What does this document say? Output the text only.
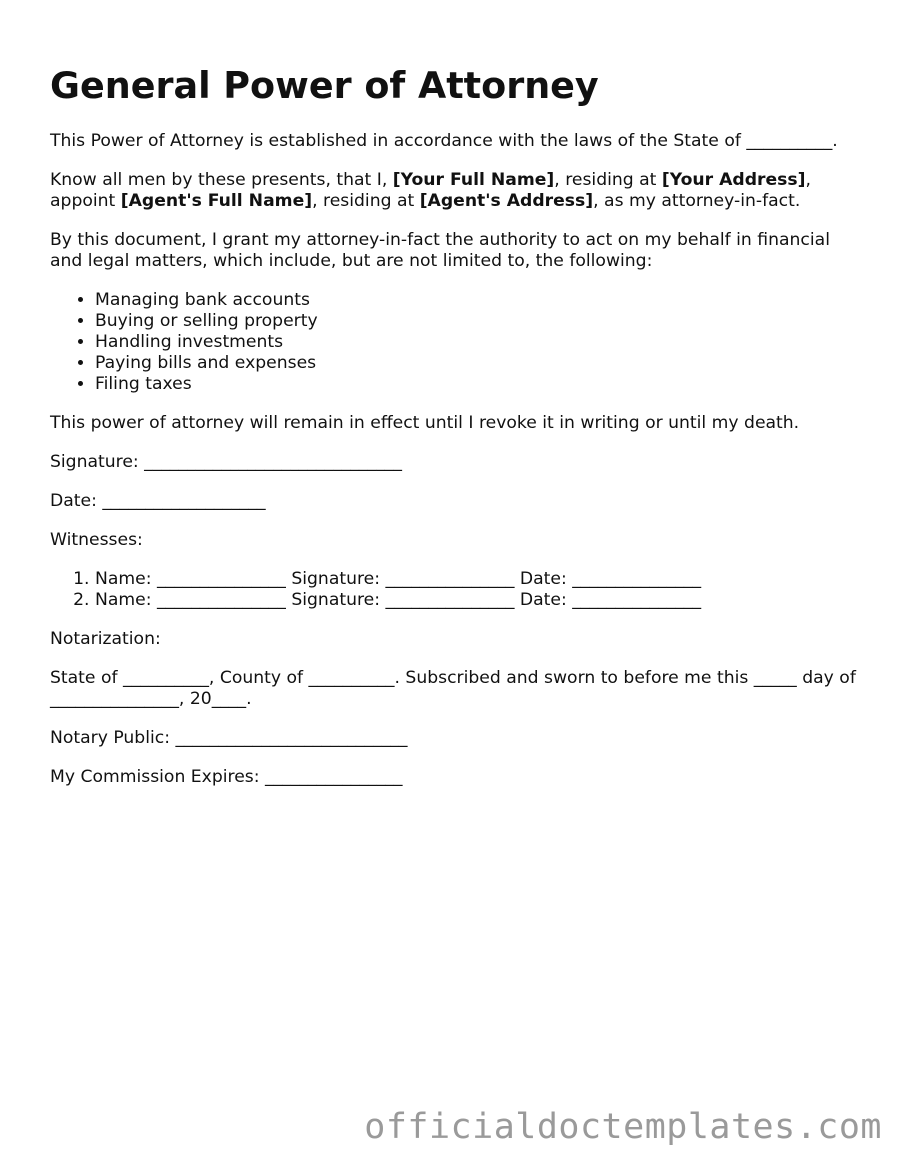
General Power of Attorney

This Power of Attorney is established in accordance with the laws of the State of __________.

Know all men by these presents, that I, [Your Full Name], residing at [Your Address], appoint [Agent's Full Name], residing at [Agent's Address], as my attorney-in-fact.

By this document, I grant my attorney-in-fact the authority to act on my behalf in financial and legal matters, which include, but are not limited to, the following:

• Managing bank accounts
• Buying or selling property
• Handling investments
• Paying bills and expenses
• Filing taxes

This power of attorney will remain in effect until I revoke it in writing or until my death.

Signature: ______________________________

Date: ___________________

Witnesses:

1. Name: _______________ Signature: _______________ Date: _______________
2. Name: _______________ Signature: _______________ Date: _______________

Notarization:

State of __________, County of __________. Subscribed and sworn to before me this _____ day of _______________, 20____.

Notary Public: ___________________________

My Commission Expires: ________________

officialdoctemplates.com
